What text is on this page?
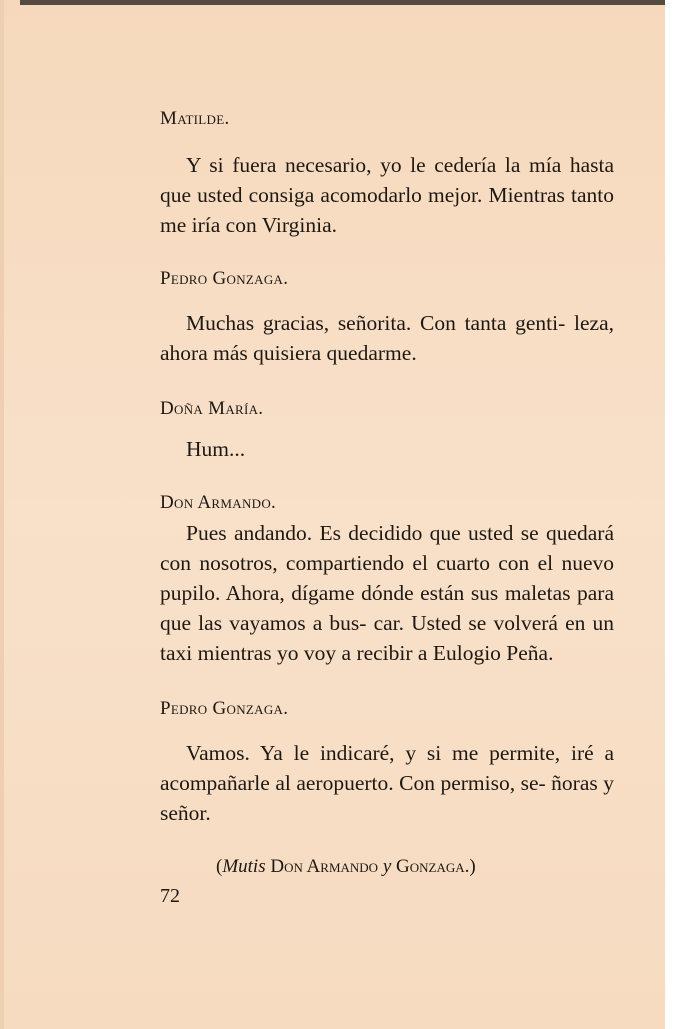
Matilde.

Y si fuera necesario, yo le cedería la mía hasta que usted consiga acomodarlo mejor. Mientras tanto me iría con Virginia.

Pedro Gonzaga.

Muchas gracias, señorita. Con tanta genti- leza, ahora más quisiera quedarme.

Doña María.

Hum...

Don Armando.

Pues andando. Es decidido que usted se quedará con nosotros, compartiendo el cuarto con el nuevo pupilo. Ahora, dígame dónde están sus maletas para que las vayamos a bus- car. Usted se volverá en un taxi mientras yo voy a recibir a Eulogio Peña.

Pedro Gonzaga.

Vamos. Ya le indicaré, y si me permite, iré a acompañarle al aeropuerto. Con permiso, se- ñoras y señor.

(Mutis Don Armando y Gonzaga.)

72
